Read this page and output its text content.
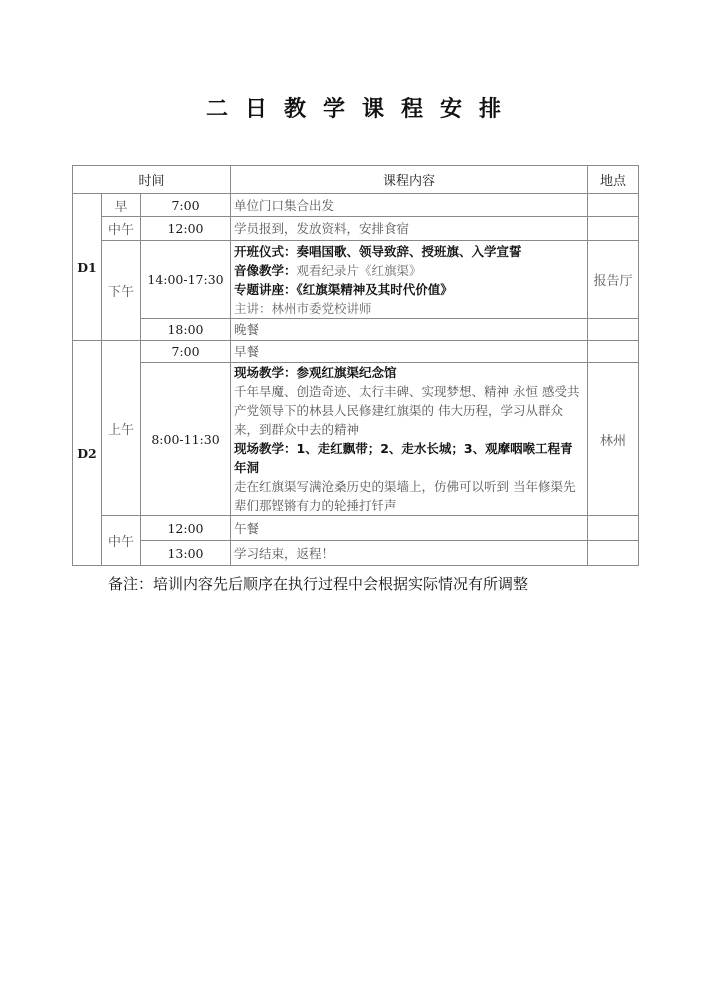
二日教学课程安排
时间			课程内容	地点
D1	早	7:00	单位门口集合出发	
	中午	12:00	学员报到，发放资料，安排食宿	
	下午	14:00-17:30	开班仪式：奏唱国歌、领导致辞、授班旗、入学宣誓
音像教学：观看纪录片《红旗渠》
专题讲座：《红旗渠精神及其时代价值》
主讲：林州市委党校讲师	报告厅
		18:00	晚餐	
D2	上午	7:00	早餐	
		8:00-11:30	现场教学：参观红旗渠纪念馆
千年旱魔、创造奇迹、太行丰碑、实现梦想、精神 永恒 感受共产党领导下的林县人民修建红旗渠的 伟大历程，学习从群众来，到群众中去的精神
现场教学：1、走红飘带；2、走水长城；3、观摩咽喉工程青年洞
走在红旗渠写满沧桑历史的渠墙上，仿佛可以听到 当年修渠先辈们那铿锵有力的轮捶打钎声	林州
	中午	12:00	午餐	
		13:00	学习结束，返程！	
备注：培训内容先后顺序在执行过程中会根据实际情况有所调整
